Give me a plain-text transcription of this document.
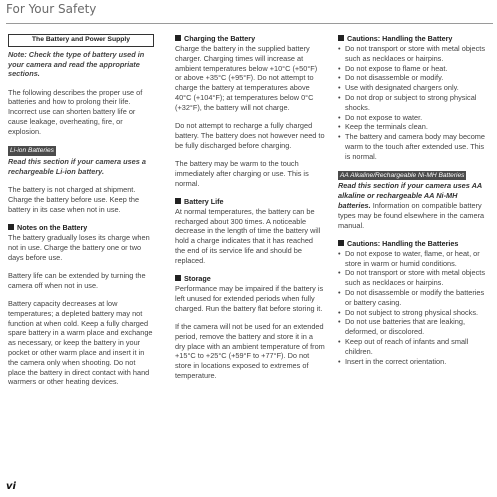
For Your Safety
The Battery and Power Supply

Note: Check the type of battery used in your camera and read the appropriate sections.

The following describes the proper use of batteries and how to prolong their life. Incorrect use can shorten battery life or cause leakage, overheating, fire, or explosion.

Li-ion Batteries

Read this section if your camera uses a rechargeable Li-ion battery.

The battery is not charged at shipment. Charge the battery before use. Keep the battery in its case when not in use.

Notes on the Battery

The battery gradually loses its charge when not in use. Charge the battery one or two days before use.

Battery life can be extended by turning the camera off when not in use.

Battery capacity decreases at low temperatures; a depleted battery may not function at when cold. Keep a fully charged spare battery in a warm place and exchange as necessary, or keep the battery in your pocket or other warm place and insert it in the camera only when shooting. Do not place the battery in direct contact with hand warmers or other heating devices.

Charging the Battery

Charge the battery in the supplied battery charger. Charging times will increase at ambient temperatures below +10°C (+50°F) or above +35°C (+95°F). Do not attempt to charge the battery at temperatures above 40°C (+104°F); at temperatures below 0°C (+32°F), the battery will not charge.

Do not attempt to recharge a fully charged battery. The battery does not however need to be fully discharged before charging.

The battery may be warm to the touch immediately after charging or use. This is normal.

Battery Life

At normal temperatures, the battery can be recharged about 300 times. A noticeable decrease in the length of time the battery will hold a charge indicates that it has reached the end of its service life and should be replaced.

Storage

Performance may be impaired if the battery is left unused for extended periods when fully charged. Run the battery flat before storing it.

If the camera will not be used for an extended period, remove the battery and store it in a dry place with an ambient temperature of from +15°C to +25°C (+59°F to +77°F). Do not store in locations exposed to extremes of temperature.

Cautions: Handling the Battery
• Do not transport or store with metal objects such as necklaces or hairpins.
• Do not expose to flame or heat.
• Do not disassemble or modify.
• Use with designated chargers only.
• Do not drop or subject to strong physical shocks.
• Do not expose to water.
• Keep the terminals clean.
• The battery and camera body may become warm to the touch after extended use. This is normal.
AA Alkaline/Rechargeable Ni-MH Batteries

Read this section if your camera uses AA alkaline or rechargeable AA Ni-MH batteries. Information on compatible battery types may be found elsewhere in the camera manual.

Cautions: Handling the Batteries
• Do not expose to water, flame, or heat, or store in warm or humid conditions.
• Do not transport or store with metal objects such as necklaces or hairpins.
• Do not disassemble or modify the batteries or battery casing.
• Do not subject to strong physical shocks.
• Do not use batteries that are leaking, deformed, or discolored.
• Keep out of reach of infants and small children.
• Insert in the correct orientation.
vi
